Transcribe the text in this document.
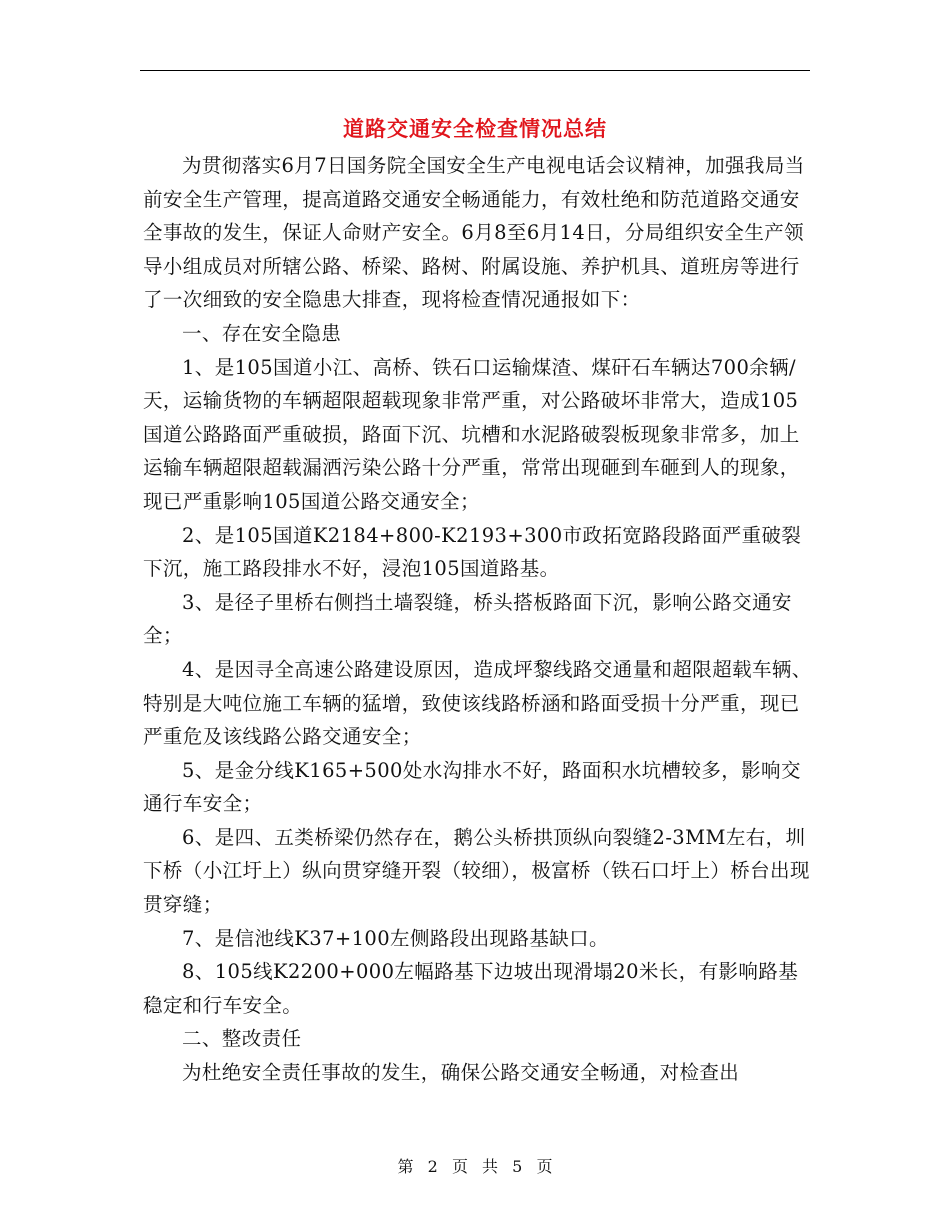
道路交通安全检查情况总结

为贯彻落实6月7日国务院全国安全生产电视电话会议精神，加强我局当前安全生产管理，提高道路交通安全畅通能力，有效杜绝和防范道路交通安全事故的发生，保证人命财产安全。6月8至6月14日，分局组织安全生产领导小组成员对所辖公路、桥梁、路树、附属设施、养护机具、道班房等进行了一次细致的安全隐患大排查，现将检查情况通报如下：

一、存在安全隐患

1、是105国道小江、高桥、铁石口运输煤渣、煤矸石车辆达700余辆/天，运输货物的车辆超限超载现象非常严重，对公路破坏非常大，造成105国道公路路面严重破损，路面下沉、坑槽和水泥路破裂板现象非常多，加上运输车辆超限超载漏洒污染公路十分严重，常常出现砸到车砸到人的现象，现已严重影响105国道公路交通安全；

2、是105国道K2184+800-K2193+300市政拓宽路段路面严重破裂下沉，施工路段排水不好，浸泡105国道路基。

3、是径子里桥右侧挡土墙裂缝，桥头搭板路面下沉，影响公路交通安全；

4、是因寻全高速公路建设原因，造成坪黎线路交通量和超限超载车辆、特别是大吨位施工车辆的猛增，致使该线路桥涵和路面受损十分严重，现已严重危及该线路公路交通安全；

5、是金分线K165+500处水沟排水不好，路面积水坑槽较多，影响交通行车安全；

6、是四、五类桥梁仍然存在，鹅公头桥拱顶纵向裂缝2-3MM左右，圳下桥（小江圩上）纵向贯穿缝开裂（较细），极富桥（铁石口圩上）桥台出现贯穿缝；

7、是信池线K37+100左侧路段出现路基缺口。

8、105线K2200+000左幅路基下边坡出现滑塌20米长，有影响路基稳定和行车安全。

二、整改责任

为杜绝安全责任事故的发生，确保公路交通安全畅通，对检查出

第 2 页 共 5 页
